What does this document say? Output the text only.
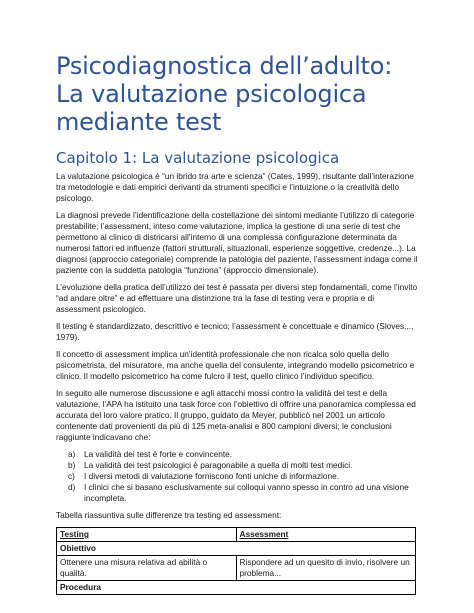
Psicodiagnostica dell’adulto: La valutazione psicologica mediante test
Capitolo 1: La valutazione psicologica

La valutazione psicologica è “un ibrido tra arte e scienza” (Cates, 1999), risultante dall’interazione tra metodologie e dati empirici derivanti da strumenti specifici e l’intuizione o la creatività dello psicologo.

La diagnosi prevede l’identificazione della costellazione dei sintomi mediante l’utilizzo di categorie prestabilite; l’assessment, inteso come valutazione, implica la gestione di una serie di test che permettono al clinico di districarsi all’interno di una complessa configurazione determinata da numerosi fattori ed influenze (fattori strutturali, situazionali, esperienze soggettive, credenze...). La diagnosi (approccio categoriale) comprende la patologia del paziente, l’assessment indaga come il paziente con la suddetta patologia “funziona” (approccio dimensionale).

L’evoluzione della pratica dell’utilizzo dei test è passata per diversi step fondamentali, come l’invito “ad andare oltre” e ad effettuare una distinzione tra la fase di testing vera e propria e di assessment psicologico.

Il testing è standardizzato, descrittivo e tecnico; l’assessment è concettuale e dinamico (Sloves..., 1979).

Il concetto di assessment implica un’identità professionale che non ricalca solo quella dello psicometrista, del misuratore, ma anche quella del consulente, integrando modello psicometrico e clinico. Il modello psicometrico ha come fulcro il test, quello clinico l’individuo specifico.

In seguito alle numerose discussione e agli attacchi mossi contro la validità dei test e della valutazione, l’APA ha istituito una task force con l’obiettivo di offrire una panoramica complessa ed accurata del loro valore pratico. Il gruppo, guidato da Meyer, pubblicò nel 2001 un articolo contenente dati provenienti da più di 125 meta-analisi e 800 campioni diversi; le conclusioni raggiunte indicavano che:

a) La validità dei test è forte e convincente.
b) La validità dei test psicologici è paragonabile a quella di molti test medici.
c) I diversi metodi di valutazione forniscono fonti uniche di informazione.
d) I clinici che si basano esclusivamente sui colloqui vanno spesso in contro ad una visione incompleta.

Tabella riassuntiva sulle differenze tra testing ed assessment:

Testing	Assessment
Obiettivo	
Ottenere una misura relativa ad abilità o qualità.	Rispondere ad un quesito di invio, risolvere un problema...
Procedura	
